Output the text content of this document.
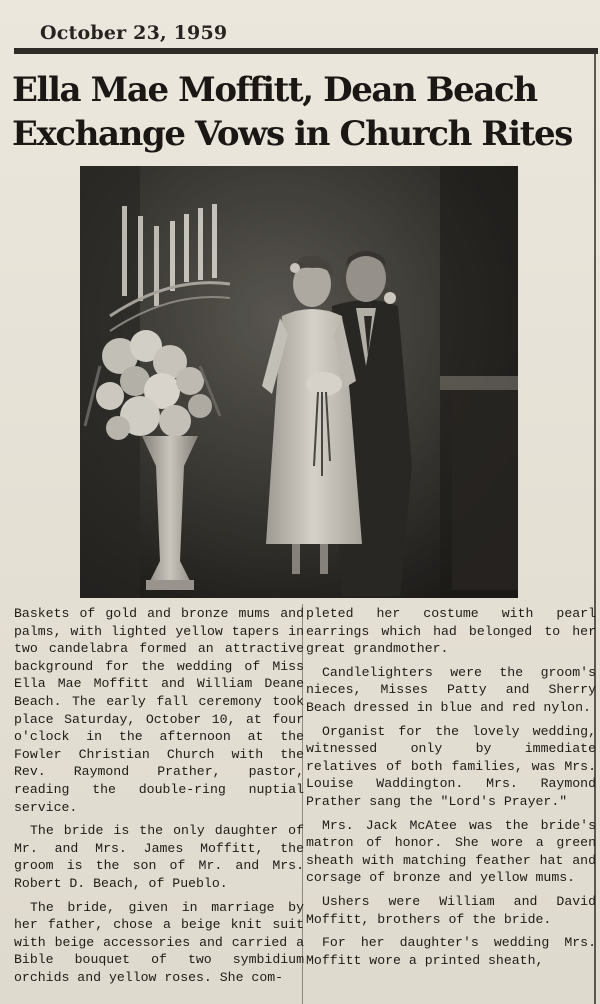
October 23, 1959
Ella Mae Moffitt, Dean Beach
Exchange Vows in Church Rites

Baskets of gold and bronze mums and palms, with lighted yellow tapers in two candelabra formed an attractive background for the wedding of Miss Ella Mae Moffitt and William Deane Beach. The early fall ceremony took place Saturday, October 10, at four o'clock in the afternoon at the Fowler Christian Church with the Rev. Raymond Prather, pastor, reading the double-ring nuptial service.

The bride is the only daughter of Mr. and Mrs. James Moffitt, the groom is the son of Mr. and Mrs. Robert D. Beach, of Pueblo.

The bride, given in marriage by her father, chose a beige knit suit with beige accessories and carried a Bible bouquet of two symbidium orchids and yellow roses. She com-

pleted her costume with pearl earrings which had belonged to her great grandmother.

Candlelighters were the groom's nieces, Misses Patty and Sherry Beach dressed in blue and red nylon.

Organist for the lovely wedding, witnessed only by immediate relatives of both families, was Mrs. Louise Waddington. Mrs. Raymond Prather sang the "Lord's Prayer."

Mrs. Jack McAtee was the bride's matron of honor. She wore a green sheath with matching feather hat and corsage of bronze and yellow mums.

Ushers were William and David Moffitt, brothers of the bride.

For her daughter's wedding Mrs. Moffitt wore a printed sheath,
